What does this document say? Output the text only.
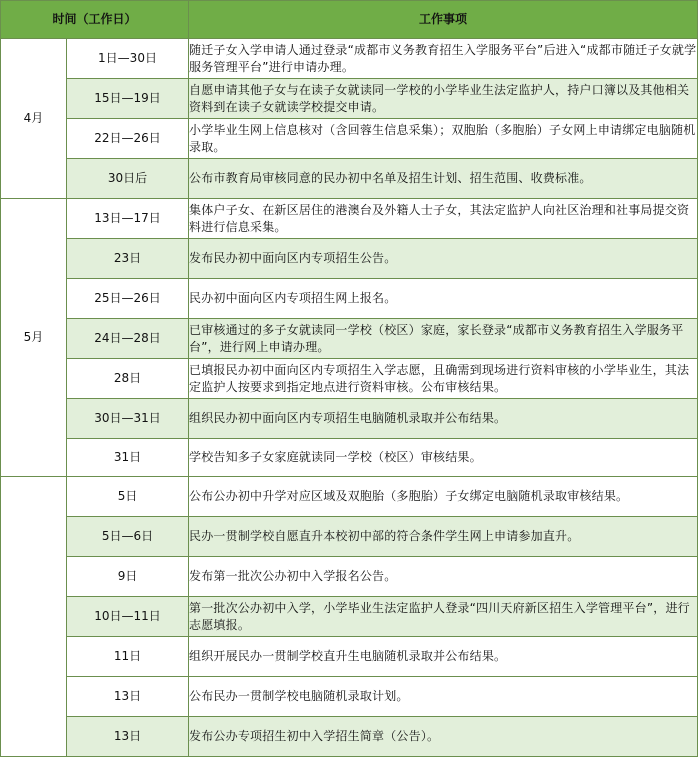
时间（工作日）		工作事项
4月	1日—30日	随迁子女入学申请人通过登录“成都市义务教育招生入学服务平台”后进入“成都市随迁子女就学服务管理平台”进行申请办理。
	15日—19日	自愿申请其他子女与在读子女就读同一学校的小学毕业生法定监护人，持户口簿以及其他相关资料到在读子女就读学校提交申请。
	22日—26日	小学毕业生网上信息核对（含回蓉生信息采集）；双胞胎（多胞胎）子女网上申请绑定电脑随机录取。
	30日后	公布市教育局审核同意的民办初中名单及招生计划、招生范围、收费标准。
5月	13日—17日	集体户子女、在新区居住的港澳台及外籍人士子女，其法定监护人向社区治理和社事局提交资料进行信息采集。
	23日	发布民办初中面向区内专项招生公告。
	25日—26日	民办初中面向区内专项招生网上报名。
	24日—28日	已审核通过的多子女就读同一学校（校区）家庭，家长登录“成都市义务教育招生入学服务平台”，进行网上申请办理。
	28日	已填报民办初中面向区内专项招生入学志愿，且确需到现场进行资料审核的小学毕业生，其法定监护人按要求到指定地点进行资料审核。公布审核结果。
	30日—31日	组织民办初中面向区内专项招生电脑随机录取并公布结果。
	31日	学校告知多子女家庭就读同一学校（校区）审核结果。
	5日	公布公办初中升学对应区域及双胞胎（多胞胎）子女绑定电脑随机录取审核结果。
	5日—6日	民办一贯制学校自愿直升本校初中部的符合条件学生网上申请参加直升。
	9日	发布第一批次公办初中入学报名公告。
	10日—11日	第一批次公办初中入学，小学毕业生法定监护人登录“四川天府新区招生入学管理平台”，进行志愿填报。
	11日	组织开展民办一贯制学校直升生电脑随机录取并公布结果。
	13日	公布民办一贯制学校电脑随机录取计划。
	13日	发布公办专项招生初中入学招生简章（公告）。
